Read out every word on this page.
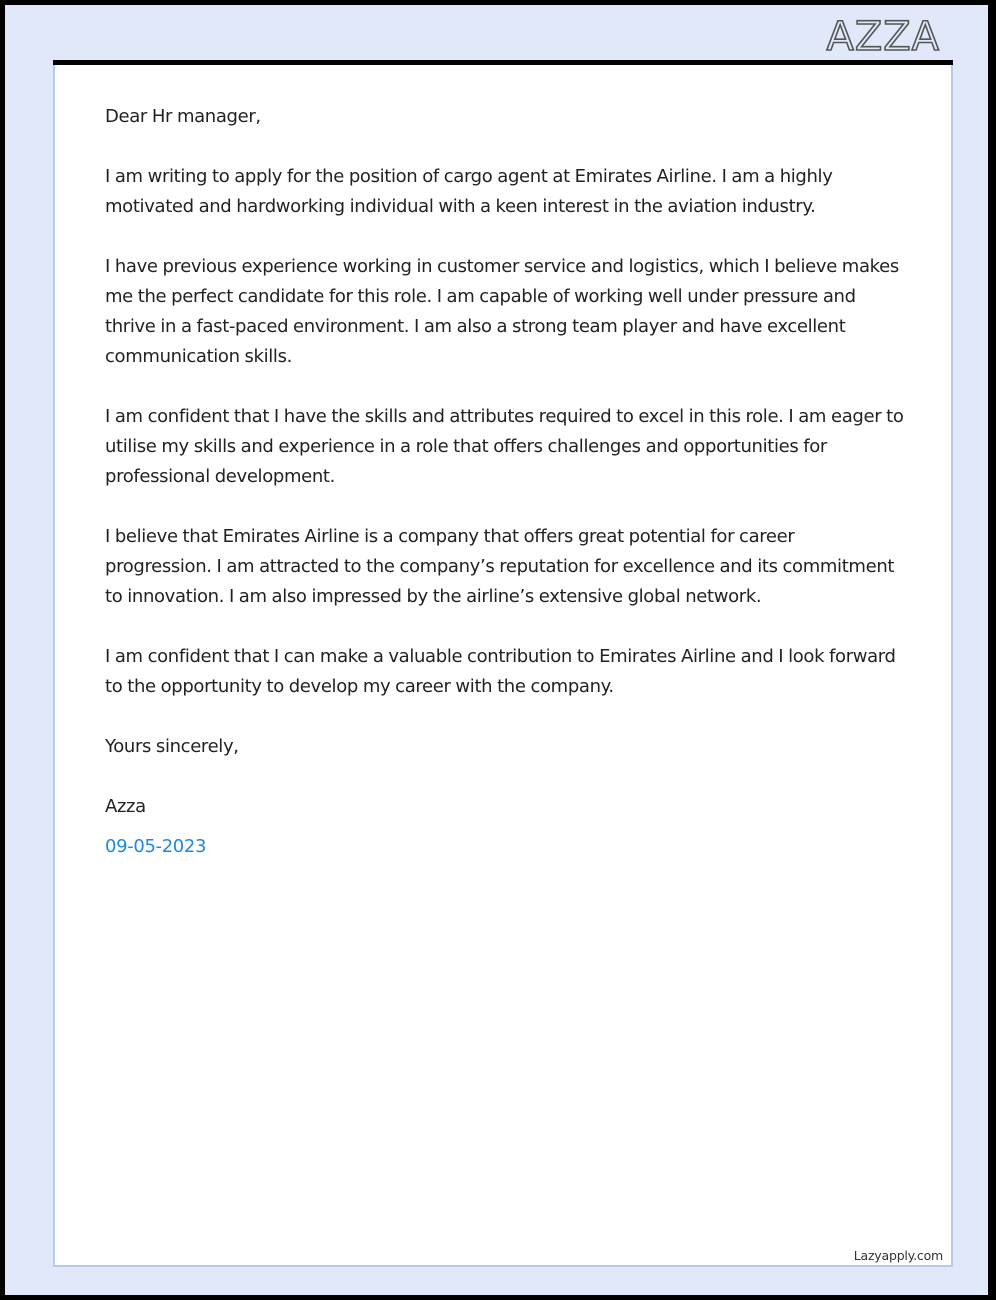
AZZA

Dear Hr manager,

I am writing to apply for the position of cargo agent at Emirates Airline. I am a highly motivated and hardworking individual with a keen interest in the aviation industry.

I have previous experience working in customer service and logistics, which I believe makes me the perfect candidate for this role. I am capable of working well under pressure and thrive in a fast-paced environment. I am also a strong team player and have excellent communication skills.

I am confident that I have the skills and attributes required to excel in this role. I am eager to utilise my skills and experience in a role that offers challenges and opportunities for professional development.

I believe that Emirates Airline is a company that offers great potential for career progression. I am attracted to the company’s reputation for excellence and its commitment to innovation. I am also impressed by the airline’s extensive global network.

I am confident that I can make a valuable contribution to Emirates Airline and I look forward to the opportunity to develop my career with the company.

Yours sincerely,

Azza

09-05-2023

Lazyapply.com
